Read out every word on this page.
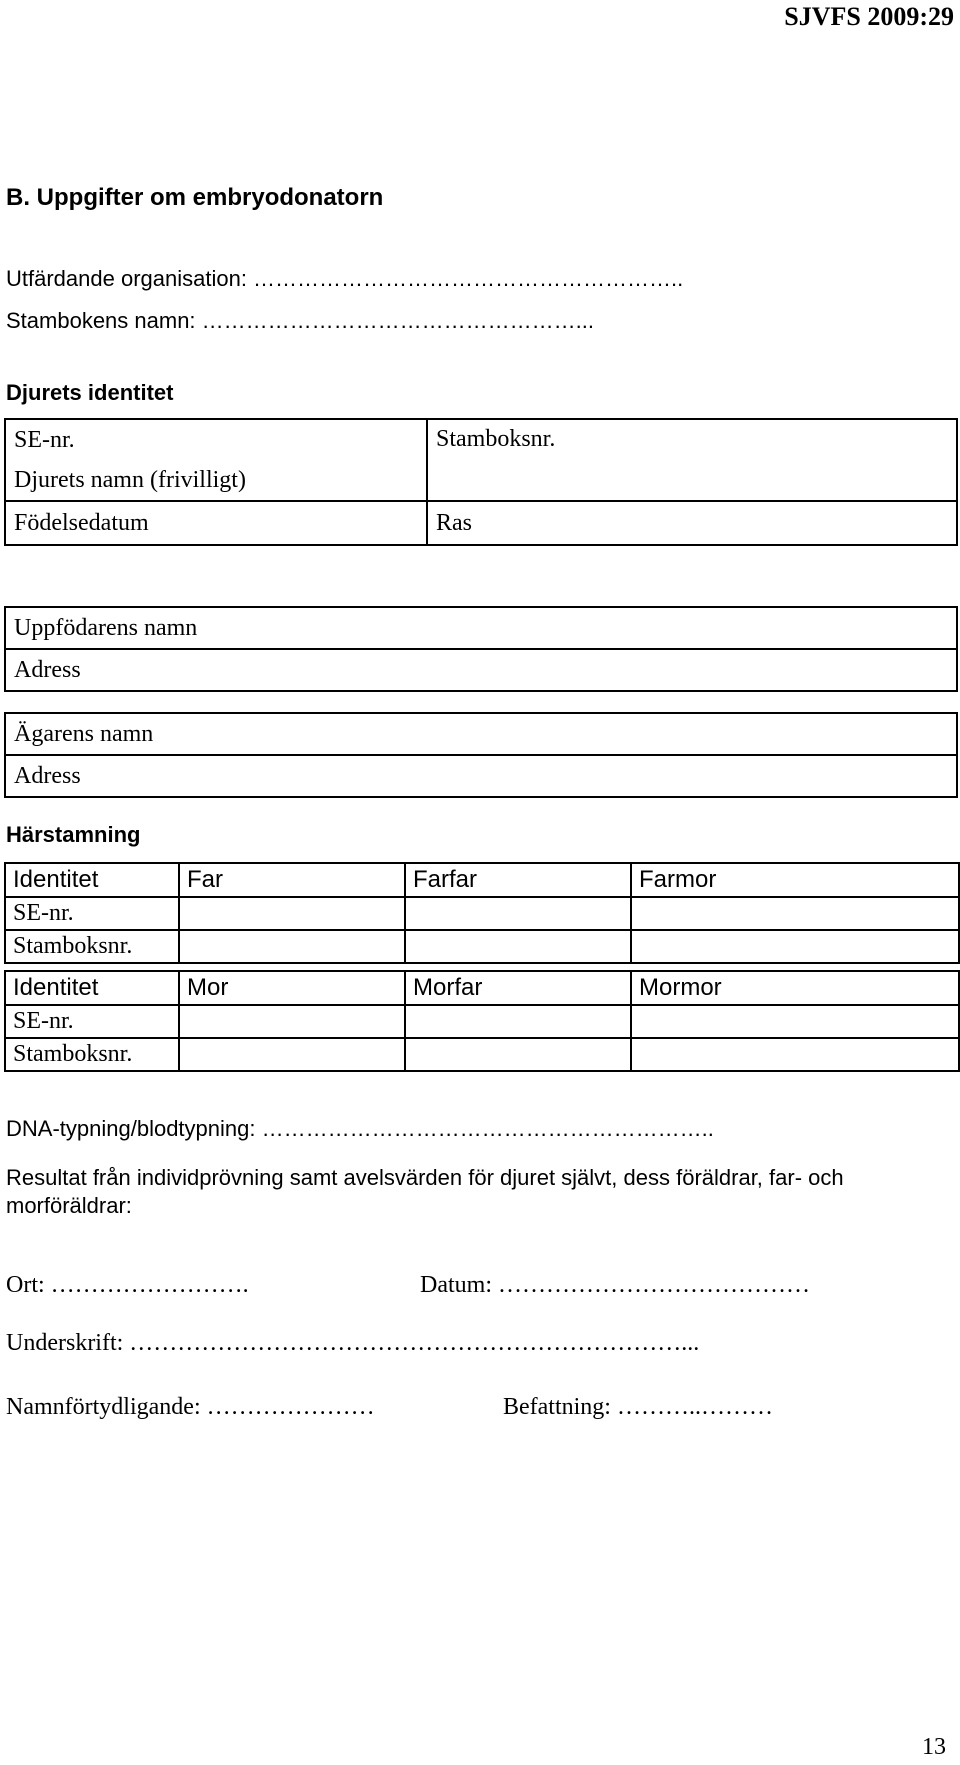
SJVFS 2009:29
B. Uppgifter om embryodonatorn
Utfärdande organisation: …………………………………………………..
Stambokens namn: ……………………………………………...
Djurets identitet
SE-nr.	Stamboksnr.
Djurets namn (frivilligt)	
Födelsedatum	Ras
Uppfödarens namn
Adress
Ägarens namn
Adress
Härstamning
Identitet	Far	Farfar	Farmor
SE-nr.			
Stamboksnr.			
Identitet	Mor	Morfar	Mormor
SE-nr.			
Stamboksnr.			
DNA-typning/blodtypning: ……………………………………………………..
Resultat från individprövning samt avelsvärden för djuret självt, dess föräldrar, far- och morföräldrar:
Ort: …………………….	Datum: …………………………………
Underskrift: ……………………………………………………………...
Namnförtydligande: …………………	Befattning: ………..………
13
